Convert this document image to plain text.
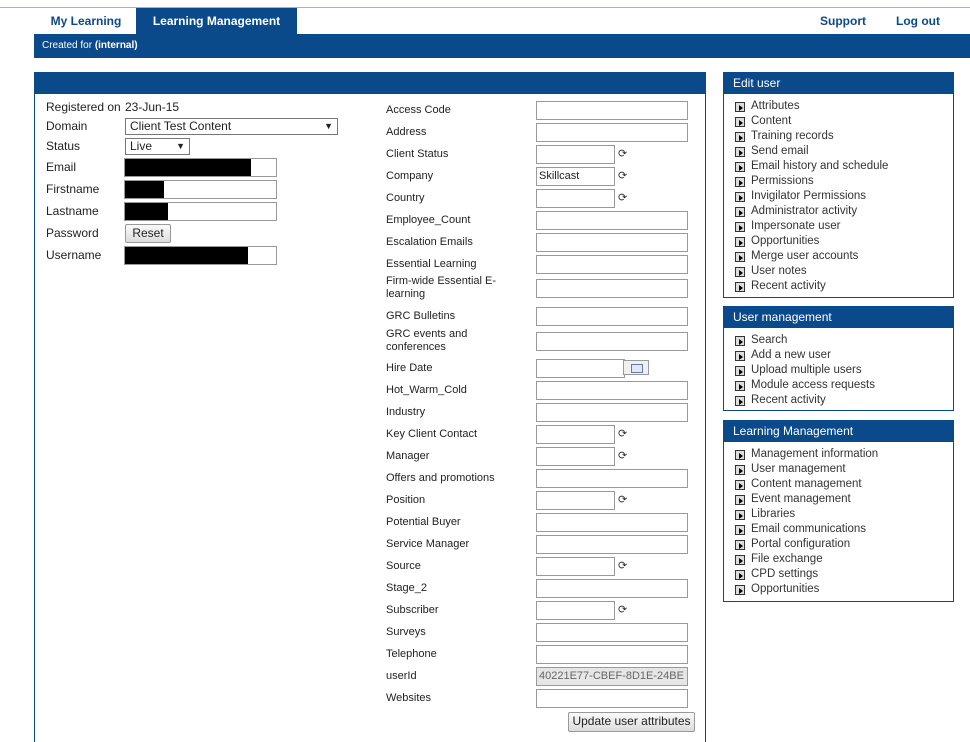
My Learning	Learning Management	Support	Log out
Created for (internal)
Registered on 23-Jun-15
Domain	Client Test Content	▼
Status	Live	▼
Email
Firstname
Lastname
Password	Reset
Username
Access Code
Address
Client Status	⟳
Company	Skillcast	⟳
Country	⟳
Employee_Count
Escalation Emails
Essential Learning
Firm-wide Essential E-learning
GRC Bulletins
GRC events and conferences
Hire Date
Hot_Warm_Cold
Industry
Key Client Contact	⟳
Manager	⟳
Offers and promotions
Position	⟳
Potential Buyer
Service Manager
Source	⟳
Stage_2
Subscriber	⟳
Surveys
Telephone
userId	40221E77-CBEF-8D1E-24BE
Websites
Update user attributes
Edit user
Attributes
Content
Training records
Send email
Email history and schedule
Permissions
Invigilator Permissions
Administrator activity
Impersonate user
Opportunities
Merge user accounts
User notes
Recent activity
User management
Search
Add a new user
Upload multiple users
Module access requests
Recent activity
Learning Management
Management information
User management
Content management
Event management
Libraries
Email communications
Portal configuration
File exchange
CPD settings
Opportunities
